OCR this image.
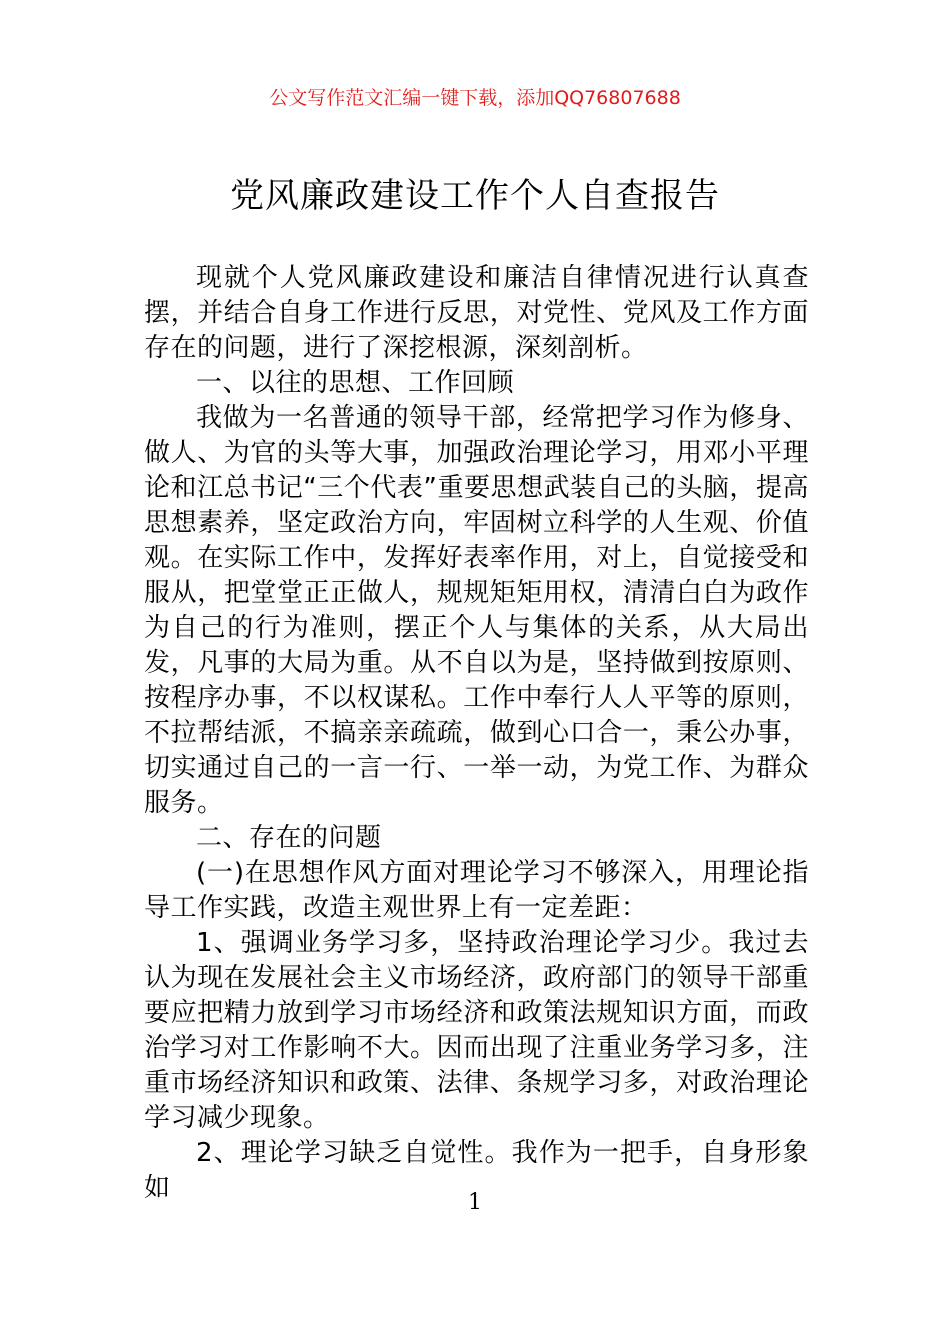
公文写作范文汇编一键下载，添加QQ76807688

党风廉政建设工作个人自查报告

现就个人党风廉政建设和廉洁自律情况进行认真查摆，并结合自身工作进行反思，对党性、党风及工作方面存在的问题，进行了深挖根源，深刻剖析。

一、以往的思想、工作回顾

我做为一名普通的领导干部，经常把学习作为修身、做人、为官的头等大事，加强政治理论学习，用邓小平理论和江总书记“三个代表”重要思想武装自己的头脑，提高思想素养，坚定政治方向，牢固树立科学的人生观、价值观。在实际工作中，发挥好表率作用，对上，自觉接受和服从，把堂堂正正做人，规规矩矩用权，清清白白为政作为自己的行为准则，摆正个人与集体的关系，从大局出发，凡事的大局为重。从不自以为是，坚持做到按原则、按程序办事，不以权谋私。工作中奉行人人平等的原则，不拉帮结派，不搞亲亲疏疏，做到心口合一，秉公办事，切实通过自己的一言一行、一举一动，为党工作、为群众服务。

二、存在的问题

(一)在思想作风方面对理论学习不够深入，用理论指导工作实践，改造主观世界上有一定差距：

1、强调业务学习多，坚持政治理论学习少。我过去认为现在发展社会主义市场经济，政府部门的领导干部重要应把精力放到学习市场经济和政策法规知识方面，而政治学习对工作影响不大。因而出现了注重业务学习多，注重市场经济知识和政策、法律、条规学习多，对政治理论学习减少现象。

2、理论学习缺乏自觉性。我作为一把手，自身形象如	1
